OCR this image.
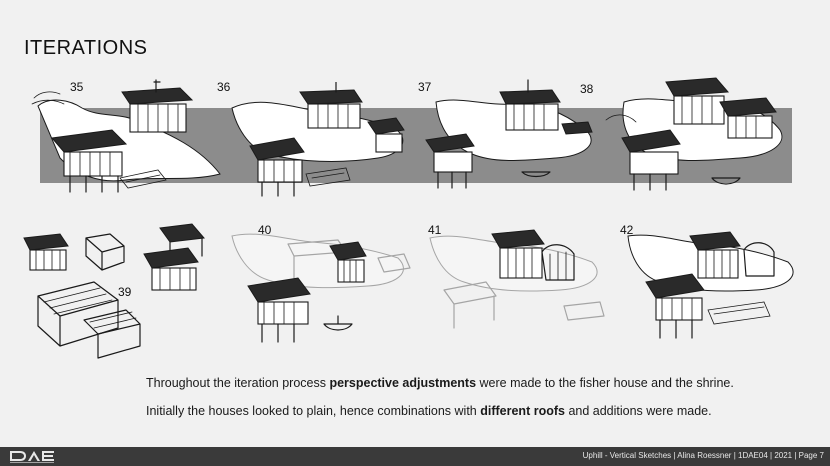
ITERATIONS
35	36	37	38
39
40	41	42

Throughout the iteration process perspective adjustments were made to the fisher house and the shrine.

Initially the houses looked to plain, hence combinations with different roofs and additions were made.

Uphill - Vertical Sketches | Alina Roessner | 1DAE04 | 2021 | Page 7
